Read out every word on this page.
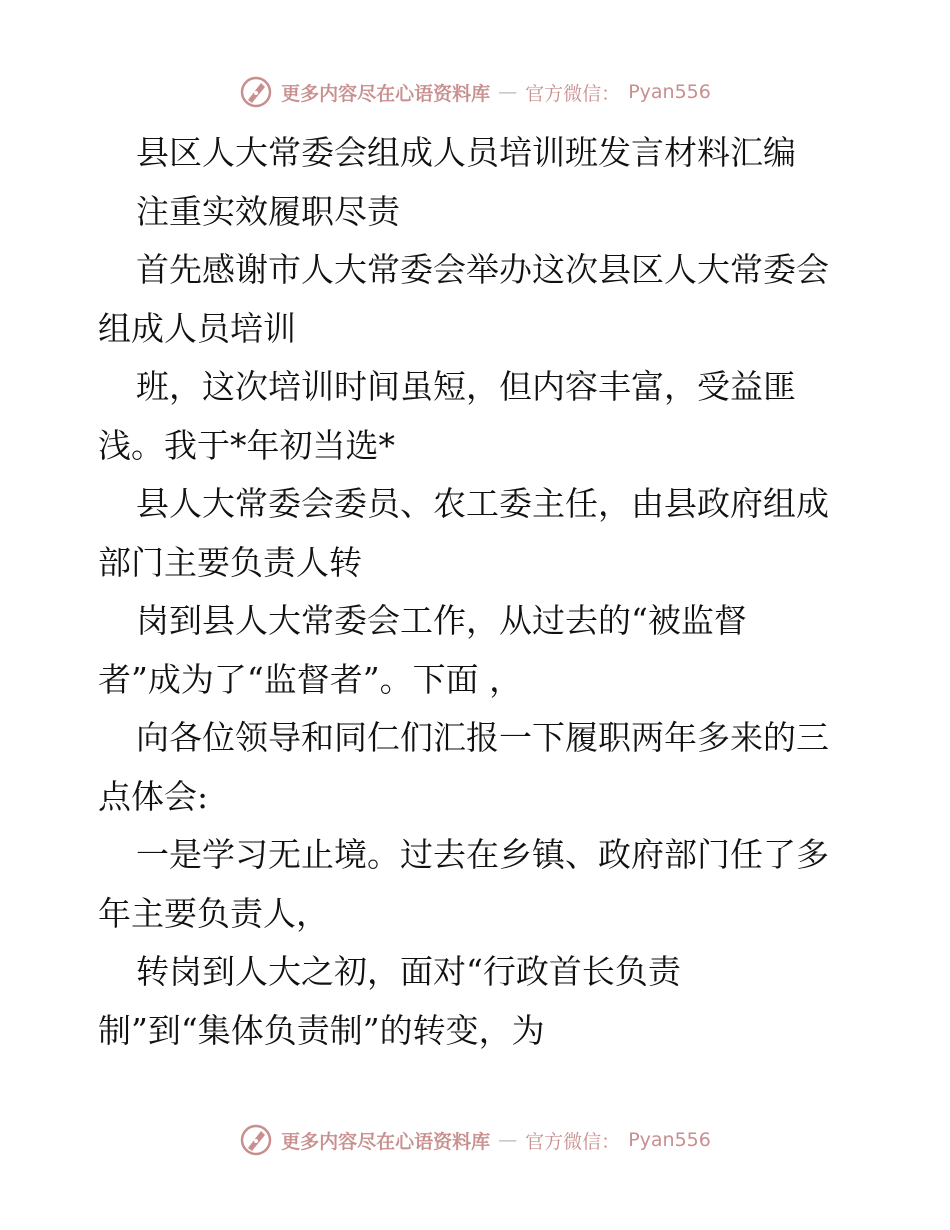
更多内容尽在心语资料库 — 官方微信： Pyan556
县区人大常委会组成人员培训班发言材料汇编
注重实效履职尽责
首先感谢市人大常委会举办这次县区人大常委会
组成人员培训
班，这次培训时间虽短，但内容丰富，受益匪
浅。我于*年初当选*
县人大常委会委员、农工委主任，由县政府组成
部门主要负责人转
岗到县人大常委会工作，从过去的“被监督
者”成为了“监督者”。下面 ，
向各位领导和同仁们汇报一下履职两年多来的三
点体会:
一是学习无止境。过去在乡镇、政府部门任了多
年主要负责人，
转岗到人大之初，面对“行政首长负责
制”到“集体负责制”的转变，为
更多内容尽在心语资料库 — 官方微信： Pyan556
